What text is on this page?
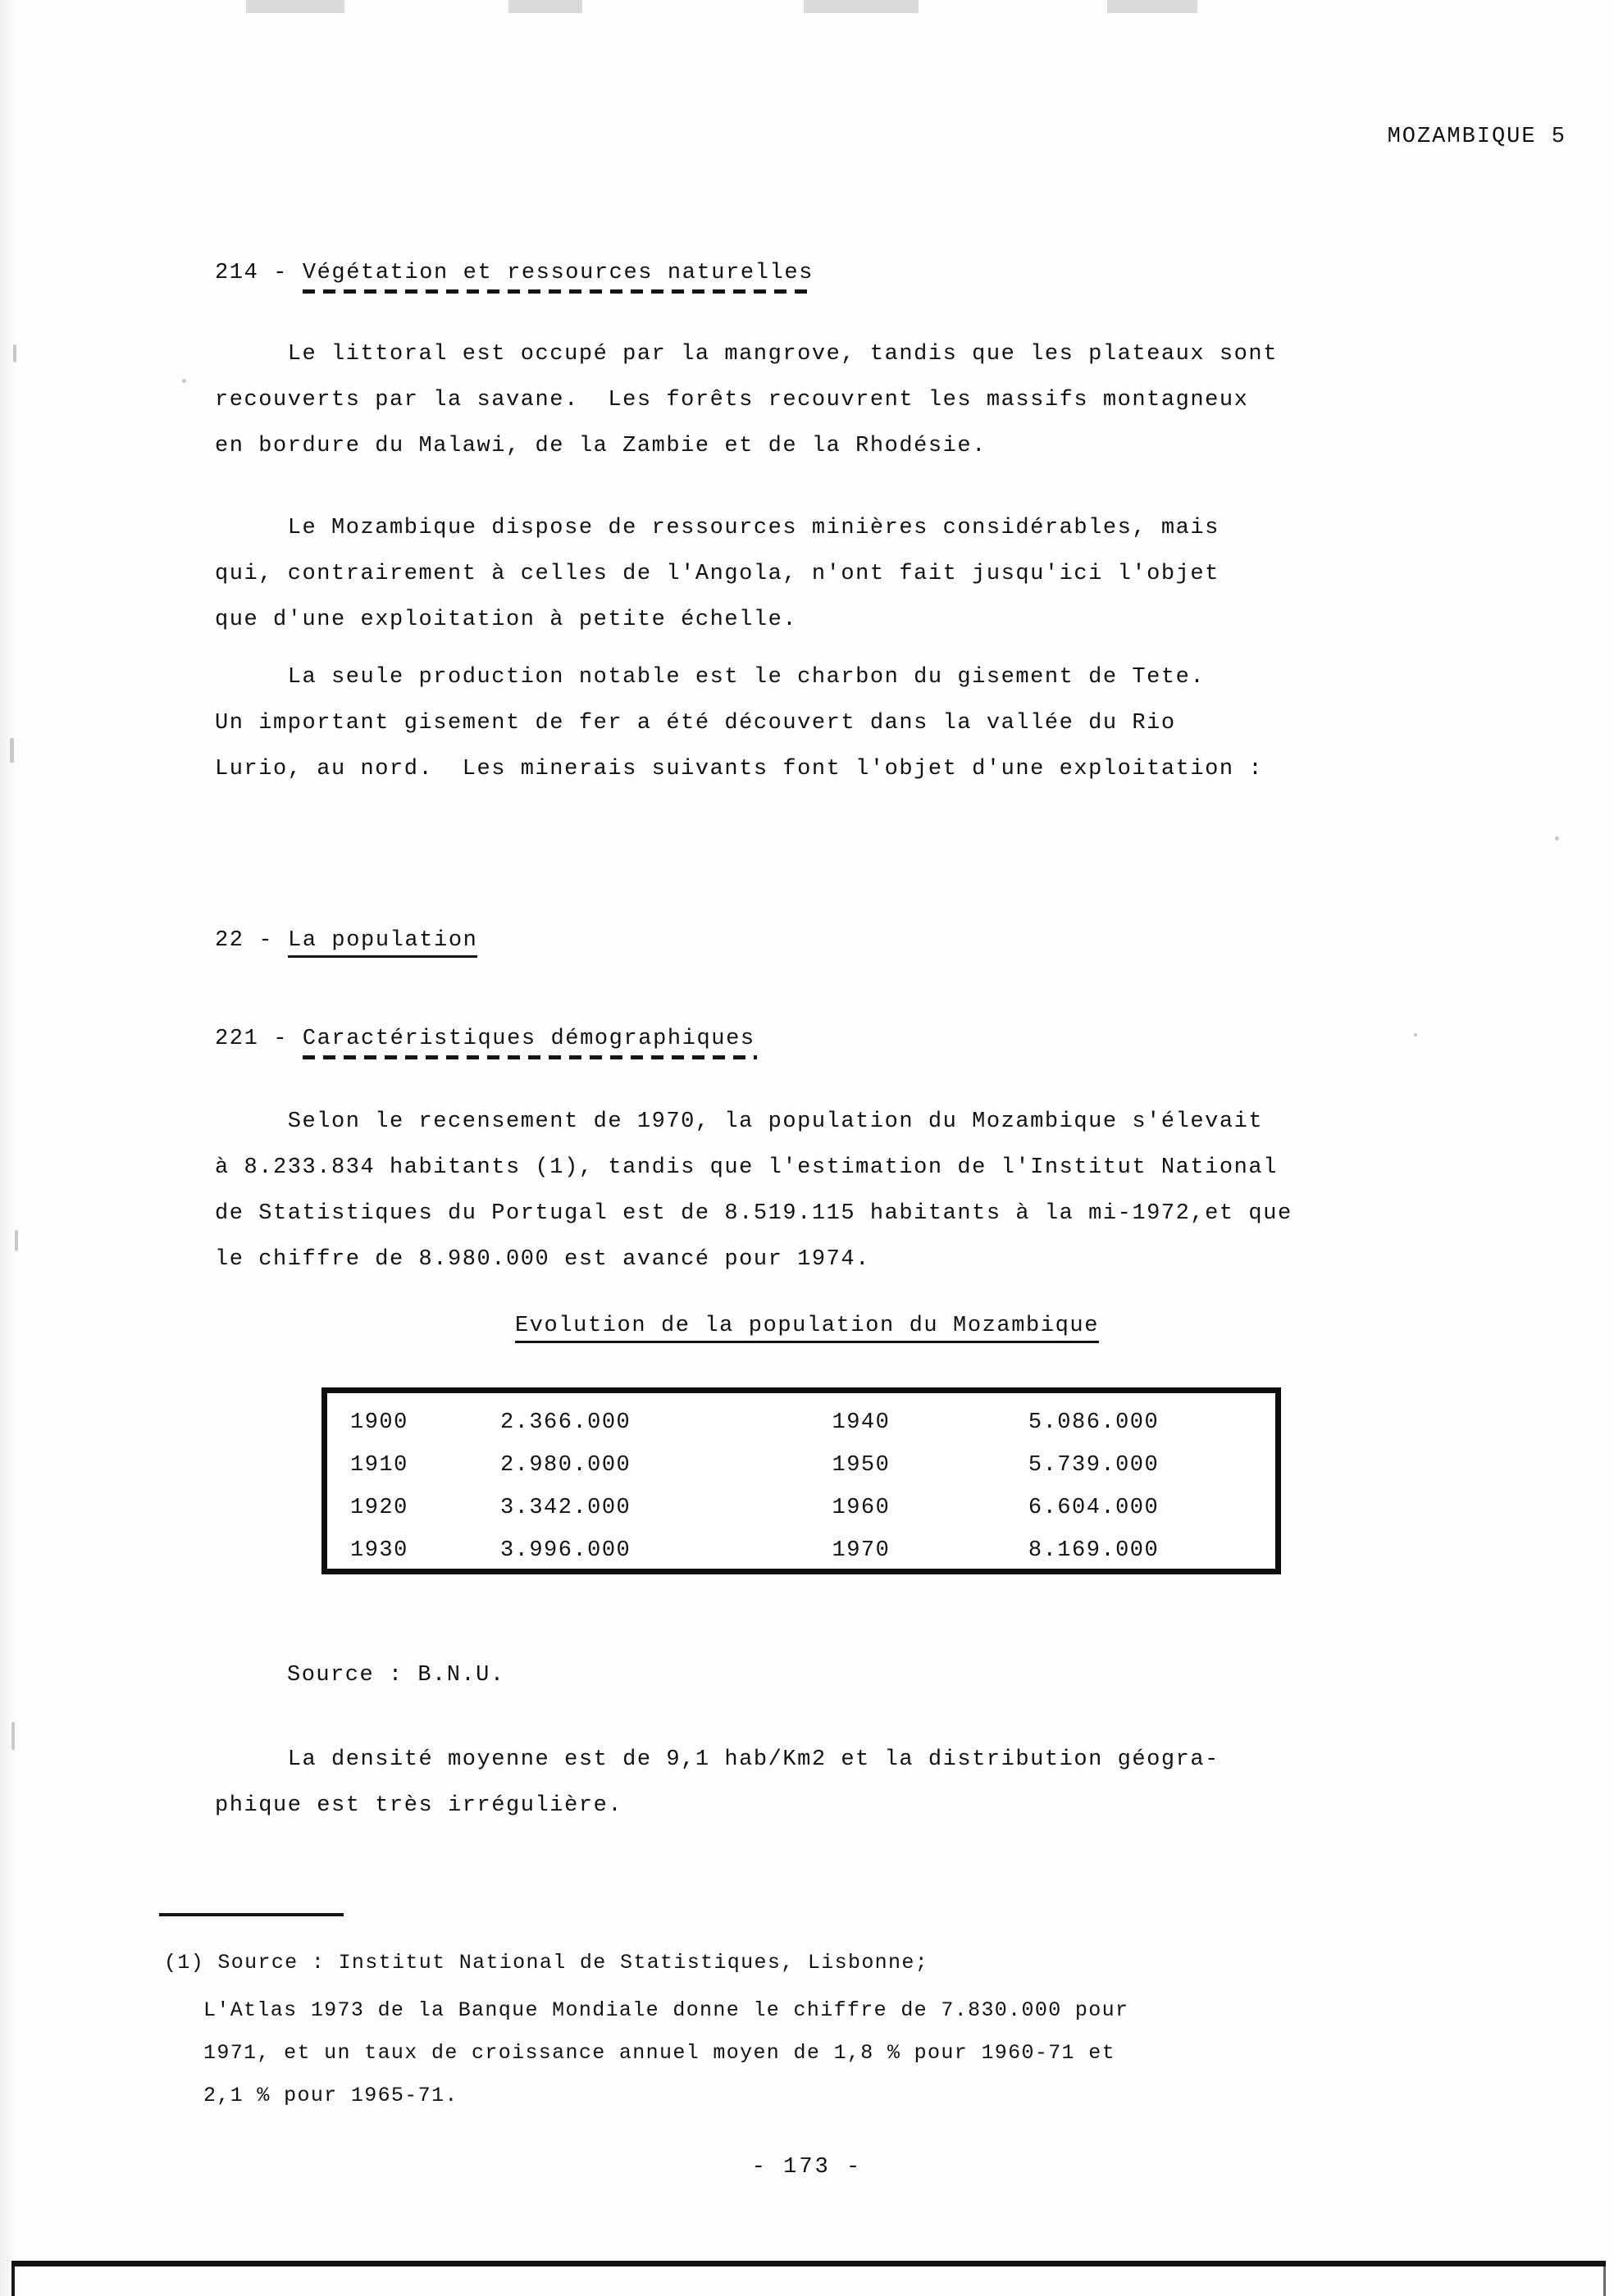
MOZAMBIQUE 5
214 - Végétation et ressources naturelles
Le littoral est occupé par la mangrove, tandis que les plateaux sont
recouverts par la savane.  Les forêts recouvrent les massifs montagneux
en bordure du Malawi, de la Zambie et de la Rhodésie.
Le Mozambique dispose de ressources minières considérables, mais
qui, contrairement à celles de l'Angola, n'ont fait jusqu'ici l'objet
que d'une exploitation à petite échelle.
La seule production notable est le charbon du gisement de Tete.
Un important gisement de fer a été découvert dans la vallée du Rio
Lurio, au nord.  Les minerais suivants font l'objet d'une exploitation :
22 - La population
221 - Caractéristiques démographiques
Selon le recensement de 1970, la population du Mozambique s'élevait
à 8.233.834 habitants (1), tandis que l'estimation de l'Institut National
de Statistiques du Portugal est de 8.519.115 habitants à la mi-1972,et que
le chiffre de 8.980.000 est avancé pour 1974.
Evolution de la population du Mozambique
1900	2.366.000	1940	5.086.000
1910	2.980.000	1950	5.739.000
1920	3.342.000	1960	6.604.000
1930	3.996.000	1970	8.169.000
Source : B.N.U.
La densité moyenne est de 9,1 hab/Km2 et la distribution géogra-
phique est très irrégulière.
(1) Source : Institut National de Statistiques, Lisbonne;
L'Atlas 1973 de la Banque Mondiale donne le chiffre de 7.830.000 pour
1971, et un taux de croissance annuel moyen de 1,8 % pour 1960-71 et
2,1 % pour 1965-71.
- 173 -
